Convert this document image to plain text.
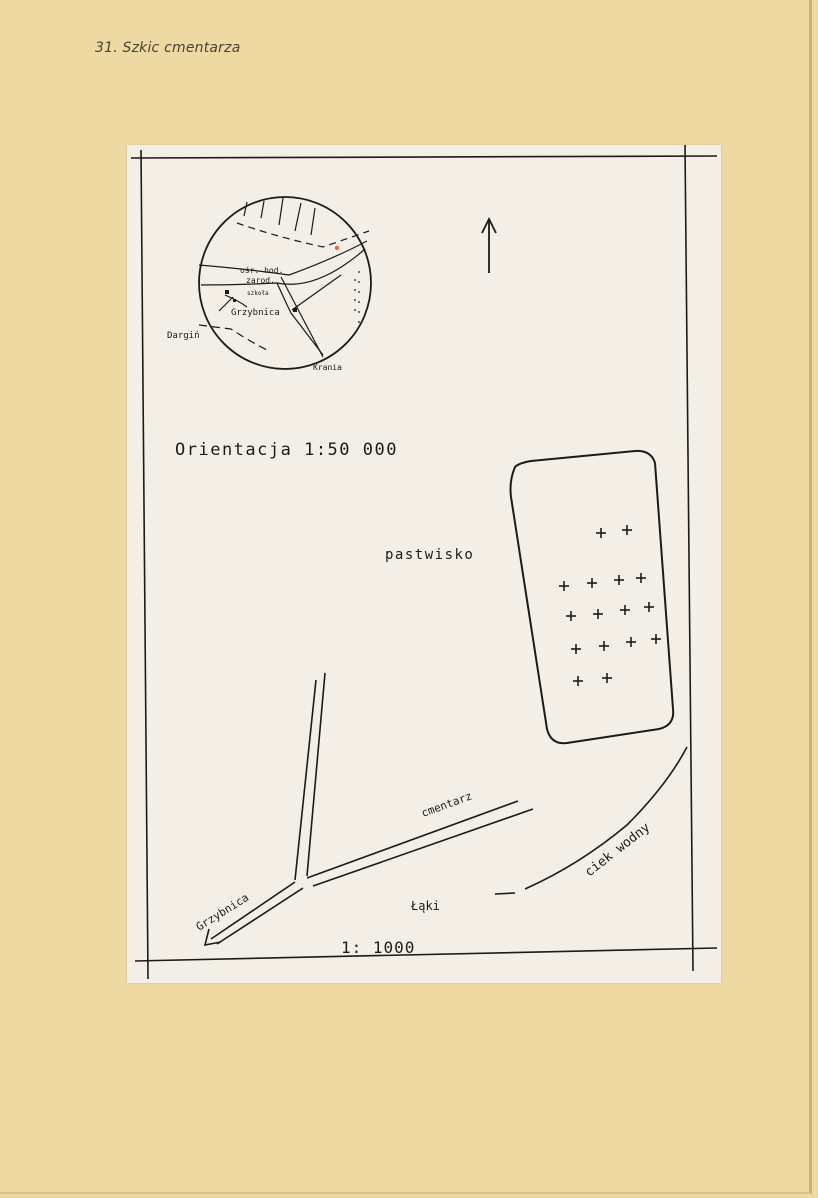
31. Szkic cmentarza
ośr. hod.
zarod.
szkoła
Grzybnica
Dargiń
Krania
Orientacja 1:50 000
pastwisko
cmentarz
Grzybnica	Łąki
ciek wodny
1: 1000
